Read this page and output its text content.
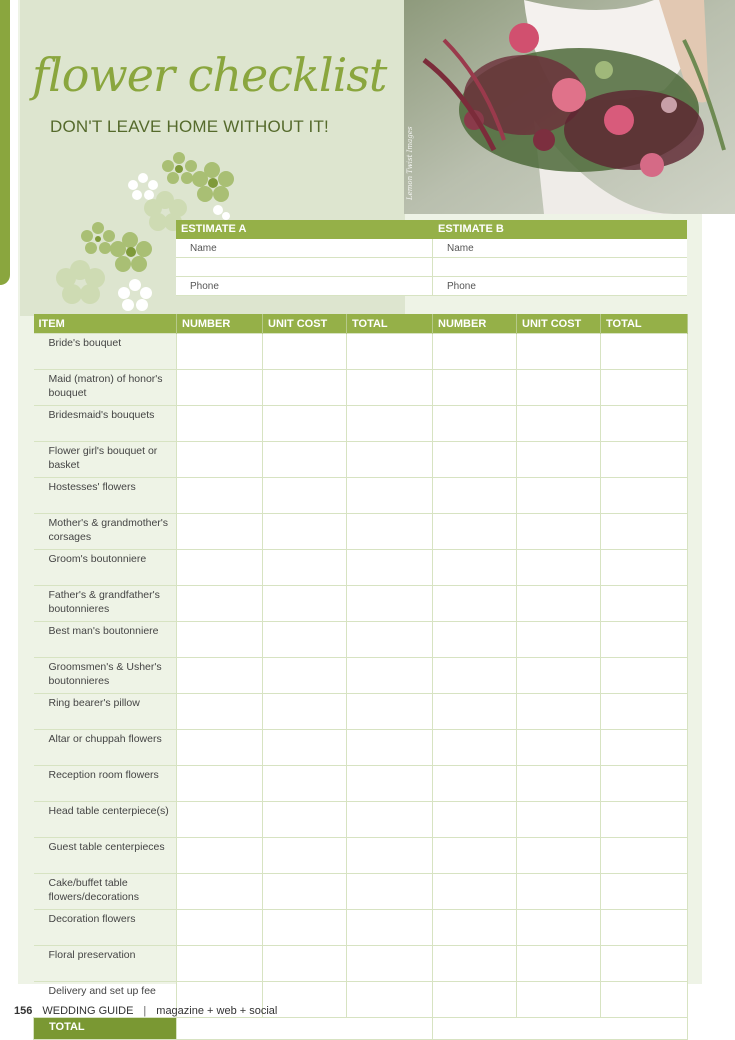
flower checklist
DON'T LEAVE HOME WITHOUT IT!
Lemon Twist Images
ESTIMATE A	ESTIMATE B
Name	Name
Phone	Phone
ITEM	NUMBER	UNIT COST	TOTAL	NUMBER	UNIT COST	TOTAL
Bride's bouquet						
Maid (matron) of honor's bouquet						
Bridesmaid's bouquets						
Flower girl's bouquet or basket						
Hostesses' flowers						
Mother's & grandmother's corsages						
Groom's boutonniere						
Father's & grandfather's boutonnieres						
Best man's boutonniere						
Groomsmen's & Usher's boutonnieres						
Ring bearer's pillow						
Altar or chuppah flowers						
Reception room flowers						
Head table centerpiece(s)						
Guest table centerpieces						
Cake/buffet table flowers/decorations						
Decoration flowers						
Floral preservation						
Delivery and set up fee						
TOTAL						
156 WEDDING GUIDE | magazine + web + social
